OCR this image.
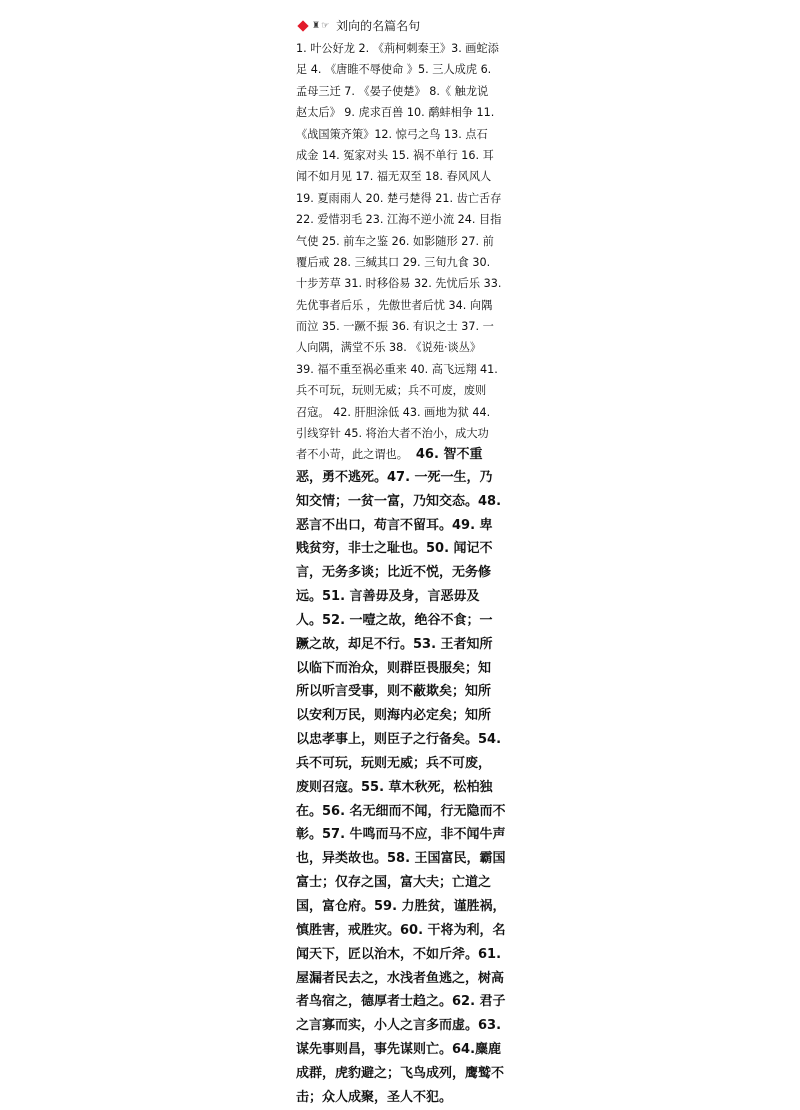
♜☞ 刘向的名篇名句
1. 叶公好龙 2. 《荊柯刺秦王》3. 画蛇添
足 4. 《唐睢不辱使命 》5. 三人成虎 6.
孟母三迁 7. 《晏子使楚》 8.《 触龙说
赵太后》 9. 虎求百兽 10. 鹬蚌相争 11.
《战国策齐策》12. 惊弓之鸟 13. 点石
成金 14. 冤家对头 15. 祸不单行 16. 耳
闻不如月见 17. 福无双至 18. 春风风人
19. 夏雨雨人 20. 楚弓楚得 21. 齿亡舌存
22. 爱惜羽毛 23. 江海不逆小流 24. 目指
气使 25. 前车之鉴 26. 如影随形 27. 前
覆后戒 28. 三缄其口 29. 三旬九食 30.
十步芳草 31. 时移俗易 32. 先忧后乐 33.
先优事者后乐 ，先傲世者后忧 34. 向隅
而泣 35. 一蹶不振 36. 有识之士 37. 一
人向隅，满堂不乐 38. 《说苑·谈丛》
39. 福不重至祸必重来 40. 高飞远翔 41.
兵不可玩，玩则无威；兵不可废，废则
召寇。 42. 肝胆涂低 43. 画地为狱 44.
引线穿针 45. 将治大者不治小，成大功
者不小苛，此之谓也。 46. 智不重
恶，勇不逃死。47. 一死一生，乃
知交情；一贫一富，乃知交态。48.
恶言不出口，苟言不留耳。49. 卑
贱贫穷，非士之耻也。50. 闻记不
言，无务多谈；比近不悦，无务修
远。51. 言善毋及身，言恶毋及
人。52. 一噎之故，绝谷不食；一
蹶之故，却足不行。53. 王者知所
以临下而治众，则群臣畏服矣；知
所以听言受事，则不蔽欺矣；知所
以安利万民，则海内必定矣；知所
以忠孝事上，则臣子之行备矣。54.
兵不可玩，玩则无威；兵不可废，
废则召寇。55. 草木秋死，松柏独
在。56. 名无细而不闻，行无隐而不
彰。57. 牛鸣而马不应，非不闻牛声
也，异类故也。58. 王国富民，霸国
富士；仅存之国，富大夫；亡道之
国，富仓府。59. 力胜贫，谨胜祸，
慎胜害，戒胜灾。60. 干将为利，名
闻天下，匠以治木，不如斤斧。61.
屋漏者民去之，水浅者鱼逃之，树高
者鸟宿之，德厚者士趋之。62. 君子
之言寡而实，小人之言多而虚。63.
谋先事则昌，事先谋则亡。64.麋鹿
成群，虎豹避之；飞鸟成列，鹰鹫不
击；众人成聚，圣人不犯。
